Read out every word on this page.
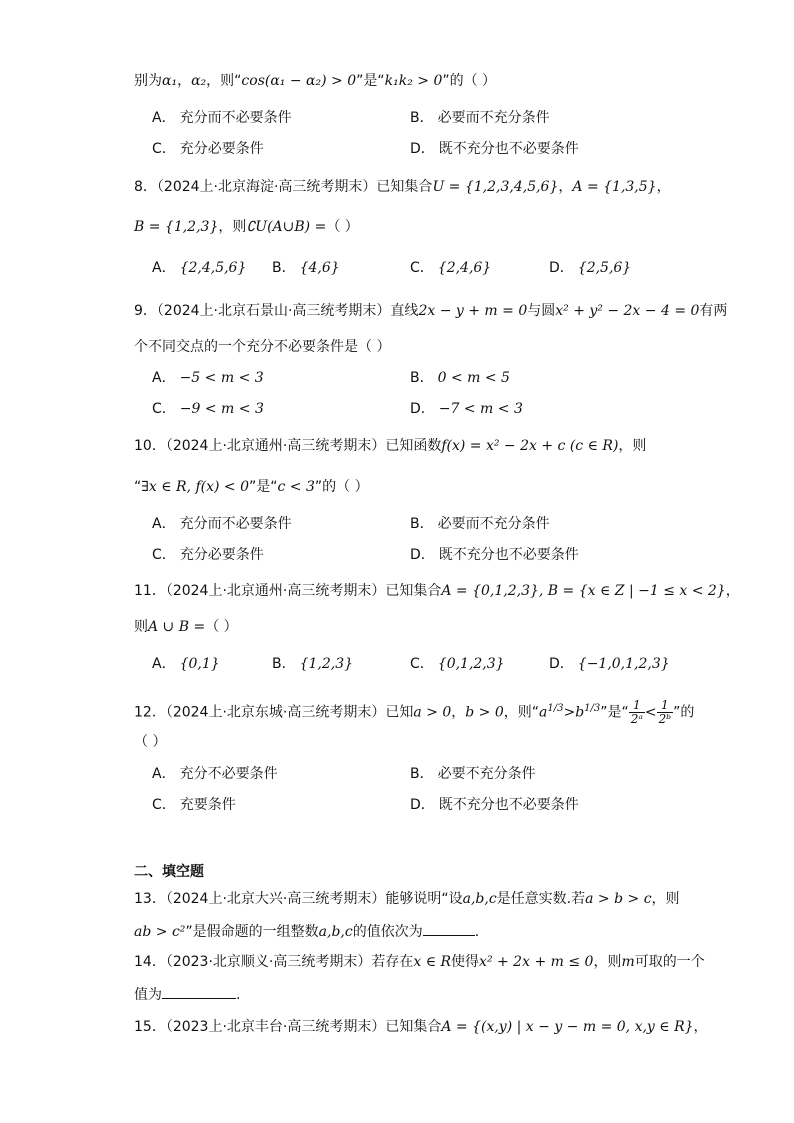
别为α₁，α₂，则“cos(α₁ − α₂) > 0”是“k₁k₂ > 0”的（ ）
A． 充分而不必要条件	B． 必要而不充分条件
C． 充分必要条件	D． 既不充分也不必要条件
8．（2024上·北京海淀·高三统考期末）已知集合U = {1,2,3,4,5,6}，A = {1,3,5}，
B = {1,2,3}，则∁U(A∪B) =（ ）
A． {2,4,5,6} B． {4,6}	C． {2,4,6}	D． {2,5,6}
9．（2024上·北京石景山·高三统考期末）直线2x − y + m = 0与圆x² + y² − 2x − 4 = 0有两
个不同交点的一个充分不必要条件是（ ）
A． −5 < m < 3	B． 0 < m < 5
C． −9 < m < 3	D． −7 < m < 3
10．（2024上·北京通州·高三统考期末）已知函数f(x) = x² − 2x + c (c ∈ R)，则
“∃x ∈ R, f(x) < 0”是“c < 3”的（ ）
A． 充分而不必要条件	B． 必要而不充分条件
C． 充分必要条件	D． 既不充分也不必要条件
11．（2024上·北京通州·高三统考期末）已知集合A = {0,1,2,3}, B = {x ∈ Z | −1 ≤ x < 2}，
则A ∪ B =（ ）
A． {0,1}	B． {1,2,3}	C． {0,1,2,3}	D． {−1,0,1,2,3}
12．（2024上·北京东城·高三统考期末）已知a > 0，b > 0，则“$a^{1/3}>b^{1/3}$”是“ $\frac{1}{\text{2ᵃ}} < \frac{1}{\text{2ᵇ}}$ ”的
（ ）
A． 充分不必要条件	B． 必要不充分条件
C． 充要条件	D． 既不充分也不必要条件
二、填空题
13．（2024上·北京大兴·高三统考期末）能够说明“设a,b,c是任意实数.若a > b > c，则
ab > c²”是假命题的一组整数a,b,c的值依次为	.
14．（2023·北京顺义·高三统考期末）若存在x ∈ R使得x² + 2x + m ≤ 0，则m可取的一个
值为	.
15．（2023上·北京丰台·高三统考期末）已知集合A = {(x,y) | x − y − m = 0, x,y ∈ R}，
